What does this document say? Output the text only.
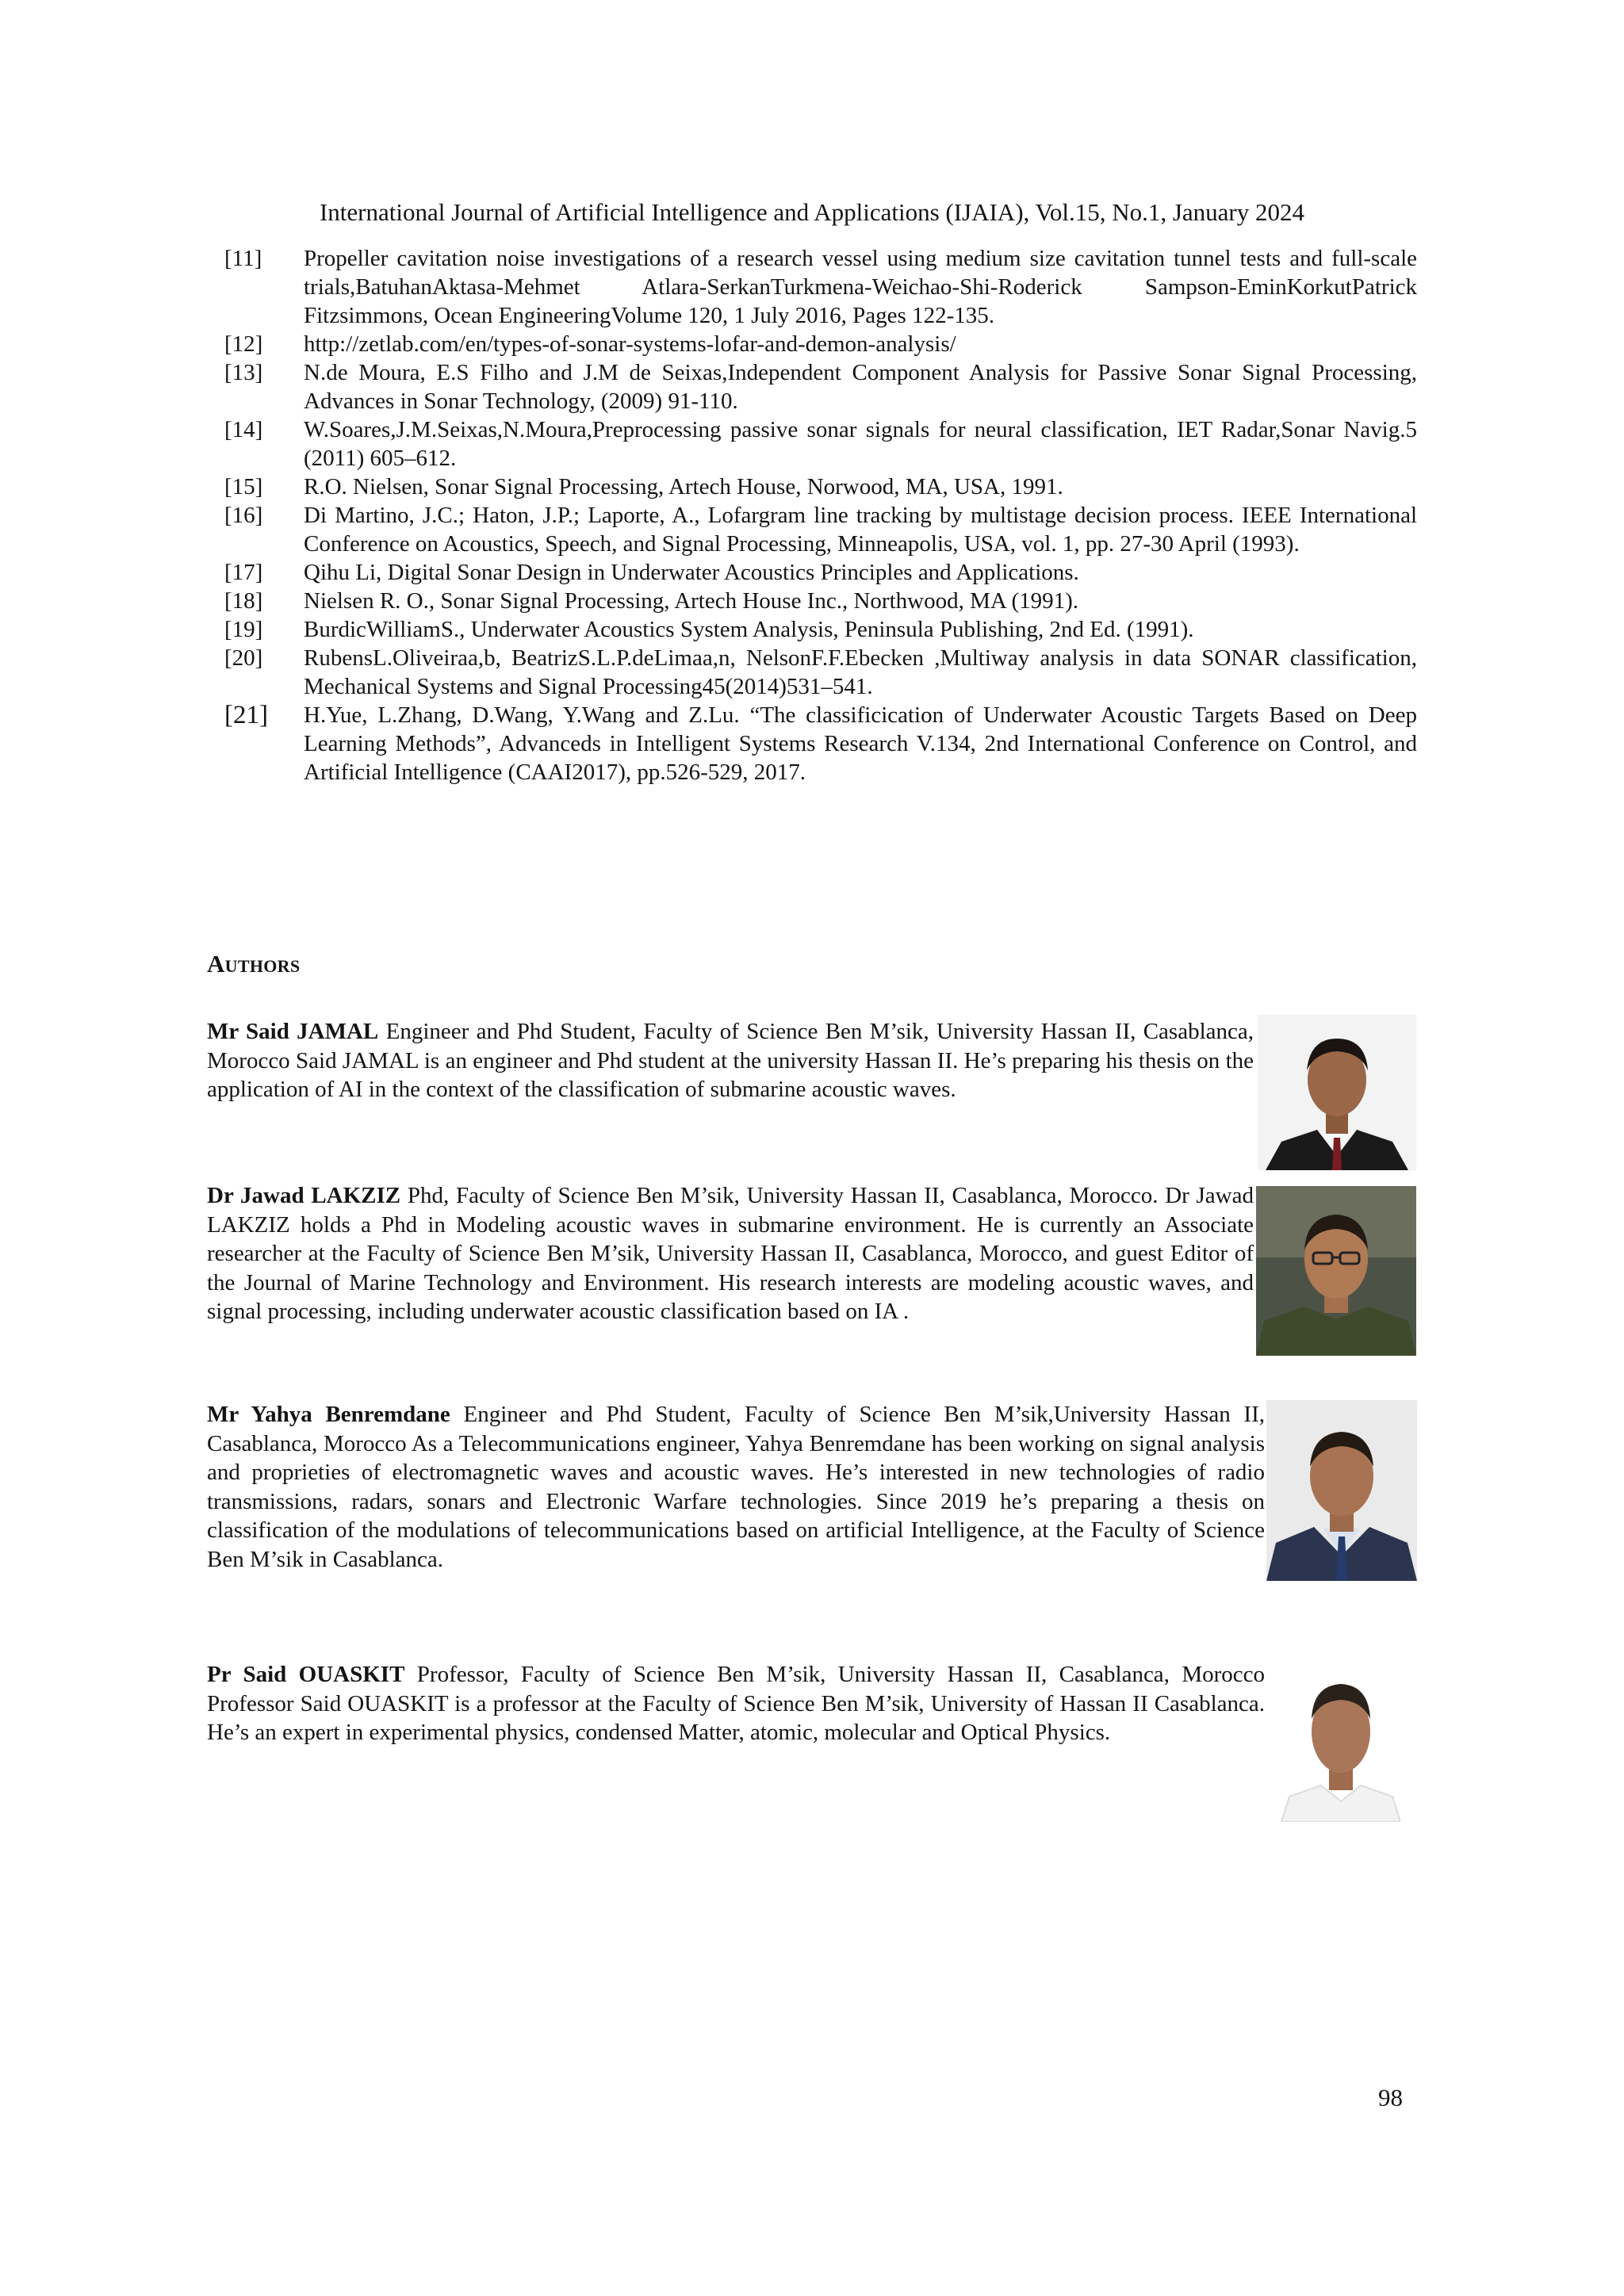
International Journal of Artificial Intelligence and Applications (IJAIA), Vol.15, No.1, January 2024
[11]	Propeller cavitation noise investigations of a research vessel using medium size cavitation tunnel tests and full-scale trials,BatuhanAktasa-Mehmet Atlara-SerkanTurkmena-Weichao-Shi-Roderick Sampson-EminKorkutPatrick Fitzsimmons, Ocean EngineeringVolume 120, 1 July 2016, Pages 122-135.
[12]	http://zetlab.com/en/types-of-sonar-systems-lofar-and-demon-analysis/
[13]	N.de Moura, E.S Filho and J.M de Seixas,Independent Component Analysis for Passive Sonar Signal Processing, Advances in Sonar Technology, (2009) 91-110.
[14]	W.Soares,J.M.Seixas,N.Moura,Preprocessing passive sonar signals for neural classification, IET Radar,Sonar Navig.5 (2011) 605–612.
[15]	R.O. Nielsen, Sonar Signal Processing, Artech House, Norwood, MA, USA, 1991.
[16]	Di Martino, J.C.; Haton, J.P.; Laporte, A., Lofargram line tracking by multistage decision process. IEEE International Conference on Acoustics, Speech, and Signal Processing, Minneapolis, USA, vol. 1, pp. 27-30 April (1993).
[17]	Qihu Li, Digital Sonar Design in Underwater Acoustics Principles and Applications.
[18]	Nielsen R. O., Sonar Signal Processing, Artech House Inc., Northwood, MA (1991).
[19]	BurdicWilliamS., Underwater Acoustics System Analysis, Peninsula Publishing, 2nd Ed. (1991).
[20]	RubensL.Oliveiraa,b, BeatrizS.L.P.deLimaa,n, NelsonF.F.Ebecken ,Multiway analysis in data SONAR classification, Mechanical Systems and Signal Processing45(2014)531–541.
[21]	H.Yue, L.Zhang, D.Wang, Y.Wang and Z.Lu. “The classificication of Underwater Acoustic Targets Based on Deep Learning Methods”, Advanceds in Intelligent Systems Research V.134, 2nd International Conference on Control, and Artificial Intelligence (CAAI2017), pp.526-529, 2017.
Authors
Mr Said JAMAL Engineer and Phd Student, Faculty of Science Ben M’sik, University Hassan II, Casablanca, Morocco Said JAMAL is an engineer and Phd student at the university Hassan II. He’s preparing his thesis on the application of AI in the context of the classification of submarine acoustic waves.
Dr Jawad LAKZIZ Phd, Faculty of Science Ben M’sik, University Hassan II, Casablanca, Morocco. Dr Jawad LAKZIZ holds a Phd in Modeling acoustic waves in submarine environment. He is currently an Associate researcher at the Faculty of Science Ben M’sik, University Hassan II, Casablanca, Morocco, and guest Editor of the Journal of Marine Technology and Environment. His research interests are modeling acoustic waves, and signal processing, including underwater acoustic classification based on IA .
Mr Yahya Benremdane Engineer and Phd Student, Faculty of Science Ben M’sik,University Hassan II, Casablanca, Morocco As a Telecommunications engineer, Yahya Benremdane has been working on signal analysis and proprieties of electromagnetic waves and acoustic waves. He’s interested in new technologies of radio transmissions, radars, sonars and Electronic Warfare technologies. Since 2019 he’s preparing a thesis on classification of the modulations of telecommunications based on artificial Intelligence, at the Faculty of Science Ben M’sik in Casablanca.
Pr Said OUASKIT Professor, Faculty of Science Ben M’sik, University Hassan II, Casablanca, Morocco Professor Said OUASKIT is a professor at the Faculty of Science Ben M’sik, University of Hassan II Casablanca. He’s an expert in experimental physics, condensed Matter, atomic, molecular and Optical Physics.
98
